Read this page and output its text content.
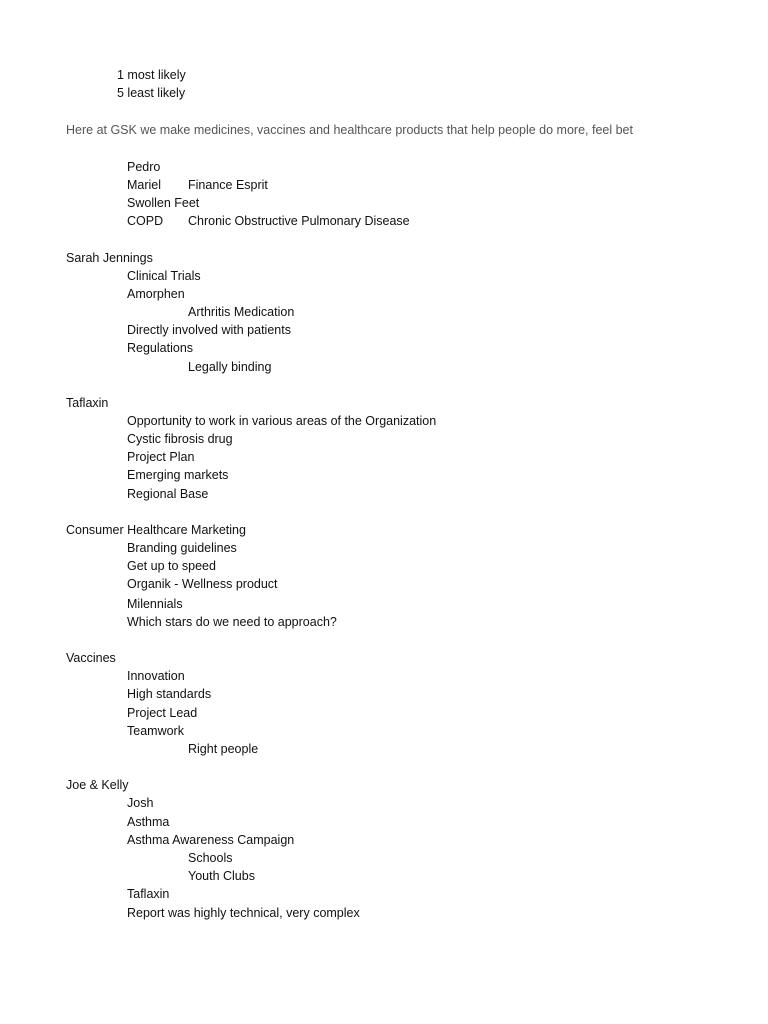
1 most likely
5 least likely
Here at GSK we make medicines, vaccines and healthcare products that help people do more, feel bet
Pedro
Mariel Finance Esprit
Swollen Feet
COPD Chronic Obstructive Pulmonary Disease
Sarah Jennings
Clinical Trials
Amorphen
Arthritis Medication
Directly involved with patients
Regulations
Legally binding
Taflaxin
Opportunity to work in various areas of the Organization
Cystic fibrosis drug
Project Plan
Emerging markets
Regional Base
Consumer Healthcare Marketing
Branding guidelines
Get up to speed
Organik - Wellness product
Milennials
Which stars do we need to approach?
Vaccines
Innovation
High standards
Project Lead
Teamwork
Right people
Joe & Kelly
Josh
Asthma
Asthma Awareness Campaign
Schools
Youth Clubs
Taflaxin
Report was highly technical, very complex
